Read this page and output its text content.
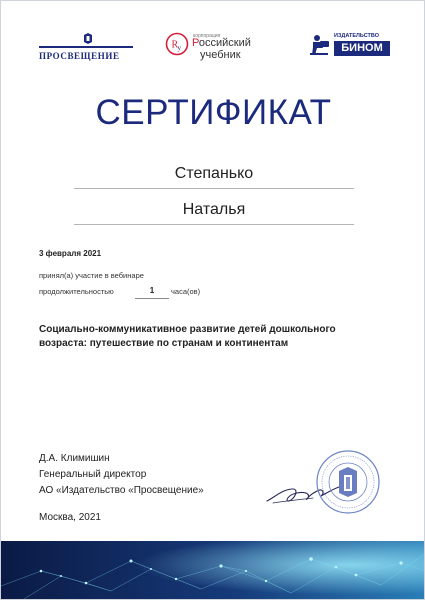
ПРОСВЕЩЕНИЕ
R y
корпорация
Российский
учебник
ИЗДАТЕЛЬСТВО
БИНОМ
СЕРТИФИКАТ
Степанько
Наталья
3 февраля 2021
принял(а) участие в вебинаре
продолжительностью	1	часа(ов)
Социально-коммуникативное развитие детей дошкольного возраста: путешествие по странам и континентам
Д.А. Климишин
Генеральный директор
АО «Издательство «Просвещение»
Москва, 2021
